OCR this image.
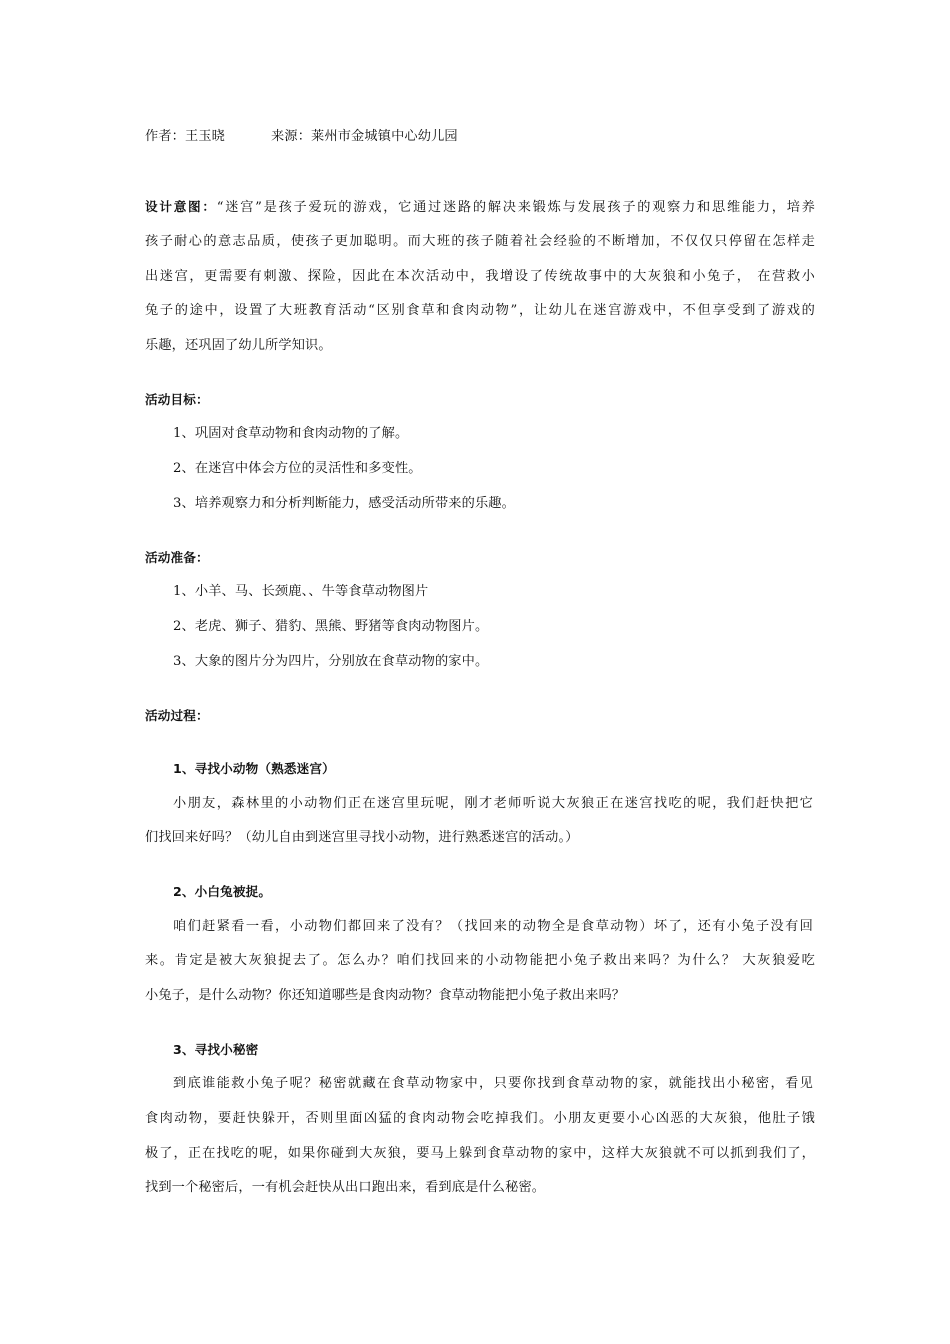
作者：王玉晓	来源：莱州市金城镇中心幼儿园
设计意图：“迷宫”是孩子爱玩的游戏，它通过迷路的解决来锻炼与发展孩子的观察力和思维能力，培养
孩子耐心的意志品质，使孩子更加聪明。而大班的孩子随着社会经验的不断增加，不仅仅只停留在怎样走
出迷宫，更需要有刺激、探险，因此在本次活动中，我增设了传统故事中的大灰狼和小兔子， 在营救小
兔子的途中，设置了大班教育活动“区别食草和食肉动物”，让幼儿在迷宫游戏中，不但享受到了游戏的
乐趣，还巩固了幼儿所学知识。
活动目标：
1、巩固对食草动物和食肉动物的了解。
2、在迷宫中体会方位的灵活性和多变性。
3、培养观察力和分析判断能力，感受活动所带来的乐趣。
活动准备：
1、小羊、马、长颈鹿、、牛等食草动物图片
2、老虎、狮子、猎豹、黑熊、野猪等食肉动物图片。
3、大象的图片分为四片，分别放在食草动物的家中。
活动过程：
1、寻找小动物（熟悉迷宫）
小朋友，森林里的小动物们正在迷宫里玩呢，刚才老师听说大灰狼正在迷宫找吃的呢，我们赶快把它
们找回来好吗？（幼儿自由到迷宫里寻找小动物，进行熟悉迷宫的活动。）
2、小白兔被捉。
咱们赶紧看一看，小动物们都回来了没有？（找回来的动物全是食草动物）坏了，还有小兔子没有回
来。肯定是被大灰狼捉去了。怎么办？咱们找回来的小动物能把小兔子救出来吗？为什么？ 大灰狼爱吃
小兔子，是什么动物？你还知道哪些是食肉动物？食草动物能把小兔子救出来吗？
3、寻找小秘密
到底谁能救小兔子呢？秘密就藏在食草动物家中，只要你找到食草动物的家，就能找出小秘密，看见
食肉动物，要赶快躲开，否则里面凶猛的食肉动物会吃掉我们。小朋友更要小心凶恶的大灰狼，他肚子饿
极了，正在找吃的呢，如果你碰到大灰狼，要马上躲到食草动物的家中，这样大灰狼就不可以抓到我们了，
找到一个秘密后，一有机会赶快从出口跑出来，看到底是什么秘密。
